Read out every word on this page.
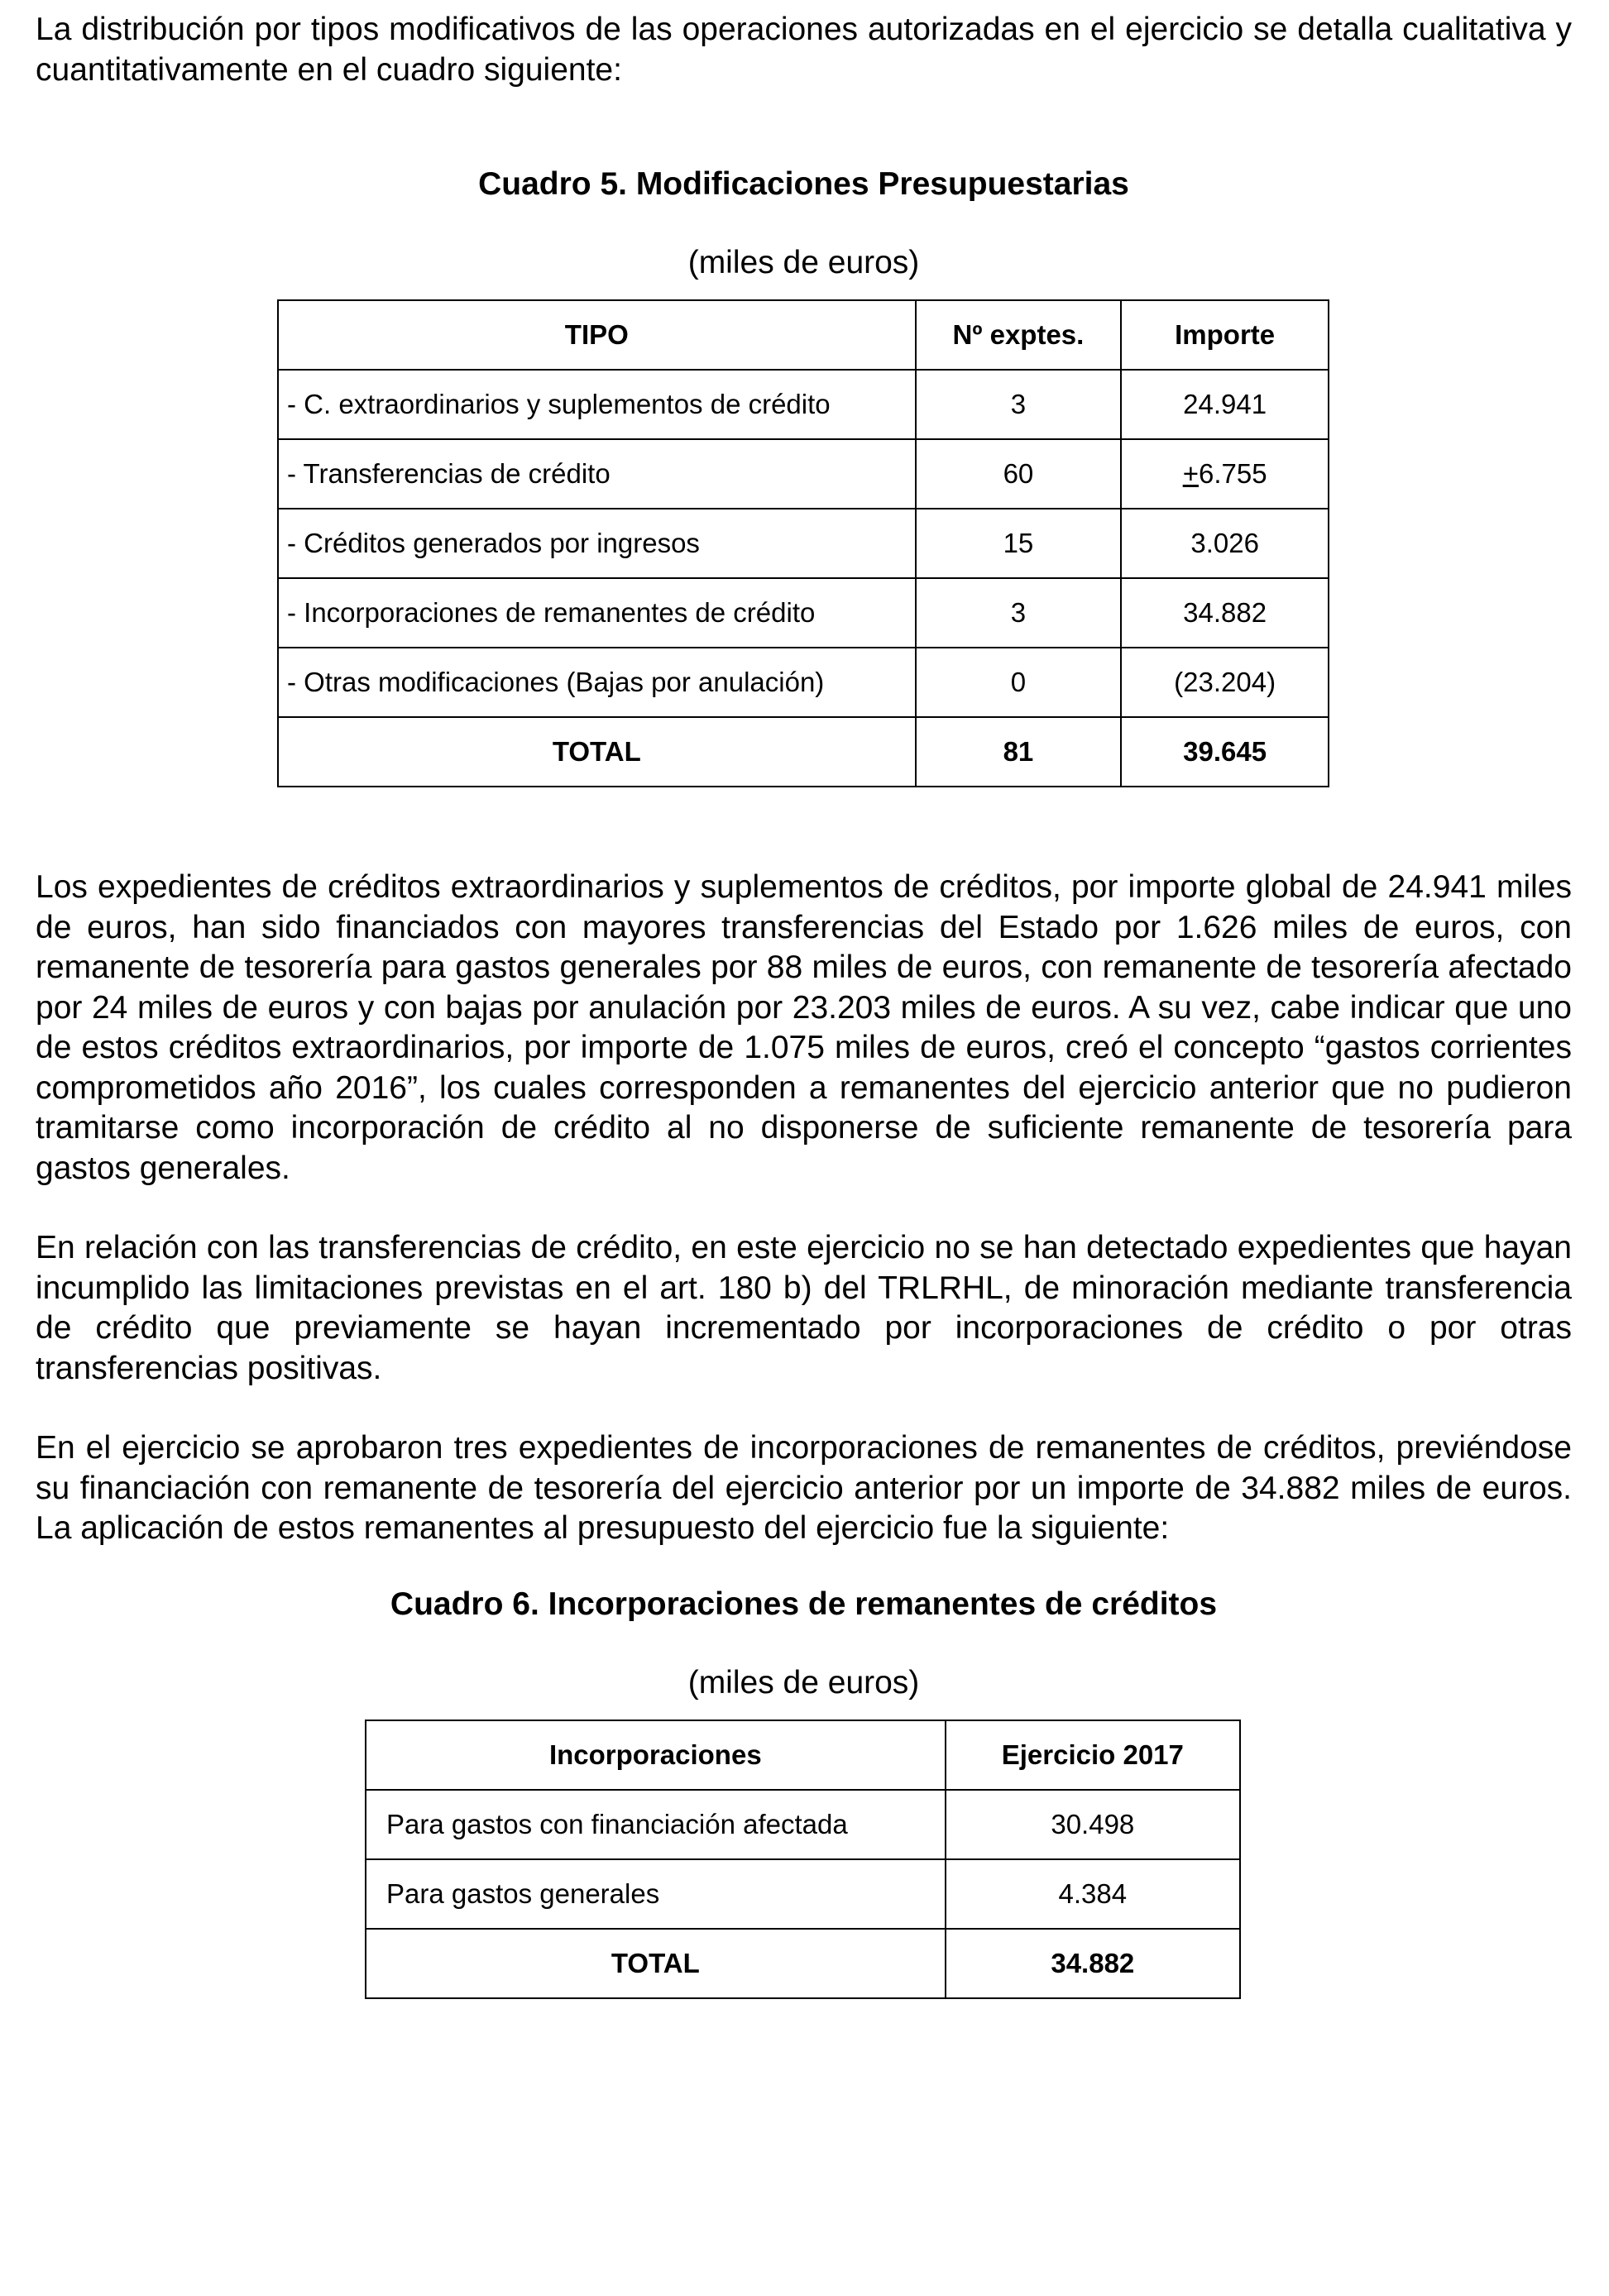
La distribución por tipos modificativos de las operaciones autorizadas en el ejercicio se detalla cualitativa y cuantitativamente en el cuadro siguiente:

Cuadro 5. Modificaciones Presupuestarias

(miles de euros)

TIPO	Nº exptes.	Importe
- C. extraordinarios y suplementos de crédito	3	24.941
- Transferencias de crédito	60	+6.755
- Créditos generados por ingresos	15	3.026
- Incorporaciones de remanentes de crédito	3	34.882
- Otras modificaciones (Bajas por anulación)	0	(23.204)
TOTAL	81	39.645

Los expedientes de créditos extraordinarios y suplementos de créditos, por importe global de 24.941 miles de euros, han sido financiados con mayores transferencias del Estado por 1.626 miles de euros, con remanente de tesorería para gastos generales por 88 miles de euros, con remanente de tesorería afectado por 24 miles de euros y con bajas por anulación por 23.203 miles de euros. A su vez, cabe indicar que uno de estos créditos extraordinarios, por importe de 1.075 miles de euros, creó el concepto “gastos corrientes comprometidos año 2016”, los cuales corresponden a remanentes del ejercicio anterior que no pudieron tramitarse como incorporación de crédito al no disponerse de suficiente remanente de tesorería para gastos generales.

En relación con las transferencias de crédito, en este ejercicio no se han detectado expedientes que hayan incumplido las limitaciones previstas en el art. 180 b) del TRLRHL, de minoración mediante transferencia de crédito que previamente se hayan incrementado por incorporaciones de crédito o por otras transferencias positivas.

En el ejercicio se aprobaron tres expedientes de incorporaciones de remanentes de créditos, previéndose su financiación con remanente de tesorería del ejercicio anterior por un importe de 34.882 miles de euros. La aplicación de estos remanentes al presupuesto del ejercicio fue la siguiente:

Cuadro 6. Incorporaciones de remanentes de créditos

(miles de euros)

Incorporaciones	Ejercicio 2017
Para gastos con financiación afectada	30.498
Para gastos generales	4.384
TOTAL	34.882
